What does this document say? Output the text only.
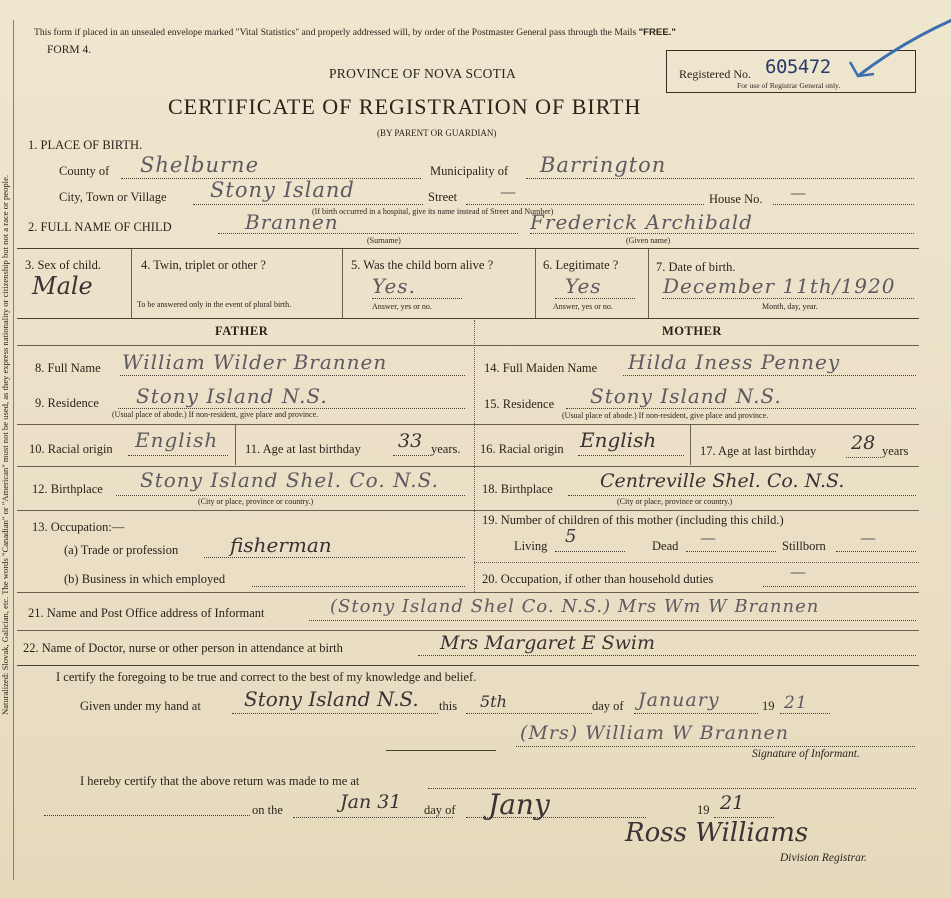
Naturalized: Slovak, Galician, etc. The words "Canadian" or "American" must not be used, as they express nationality or citizenship but not a race or people.
This form if placed in an unsealed envelope marked "Vital Statistics" and properly addressed will, by order of the Postmaster General pass through the Mails "FREE."
FORM 4.
PROVINCE OF NOVA SCOTIA
CERTIFICATE OF REGISTRATION OF BIRTH
(BY PARENT OR GUARDIAN)
Registered No. 605472
For use of Registrar General only.
1. PLACE OF BIRTH.
County of Shelburne	Municipality of Barrington
City, Town or Village Stony Island	Street	—	House No. —
(If birth occurred in a hospital, give its name instead of Street and Number)
2. FULL NAME OF CHILD	Brannen	Frederick Archibald
(Surname)	(Given name)
3. Sex of child.
Male
4. Twin, triplet or other ?
To be answered only in the event of plural birth.
5. Was the child born alive ?
Yes.
Answer, yes or no.
6. Legitimate ?
Yes
Answer, yes or no.
7. Date of birth.
December 11th/1920
Month, day, year.
FATHER	MOTHER
8. Full Name William Wilder Brannen	14. Full Maiden Name Hilda Iness Penney
9. Residence Stony Island N.S.
(Usual place of abode.) If non-resident, give place and province.
15. Residence Stony Island N.S.
(Usual place of abode.) If non-resident, give place and province.
10. Racial origin English 11. Age at last birthday 33 years. 16. Racial origin English	17. Age at last birthday 28 years
12. Birthplace Stony Island Shel. Co. N.S.
(City or place, province or country.)
18. Birthplace Centreville Shel. Co. N.S.
(City or place, province or country.)
13. Occupation:—
(a) Trade or profession	fisherman
(b) Business in which employed
19. Number of children of this mother (including this child.)
Living 5	Dead —	Stillborn —
20. Occupation, if other than household duties	—
21. Name and Post Office address of Informant	(Stony Island Shel Co. N.S.) Mrs Wm W Brannen
22. Name of Doctor, nurse or other person in attendance at birth	Mrs Margaret E Swim
I certify the foregoing to be true and correct to the best of my knowledge and belief.
Given under my hand at Stony Island N.S. this 5th	day of January	19 21
(Mrs) William W Brannen
Signature of Informant.
I hereby certify that the above return was made to me at
on the	Jan 31 day of Jany	19 21
Ross Williams
Division Registrar.
